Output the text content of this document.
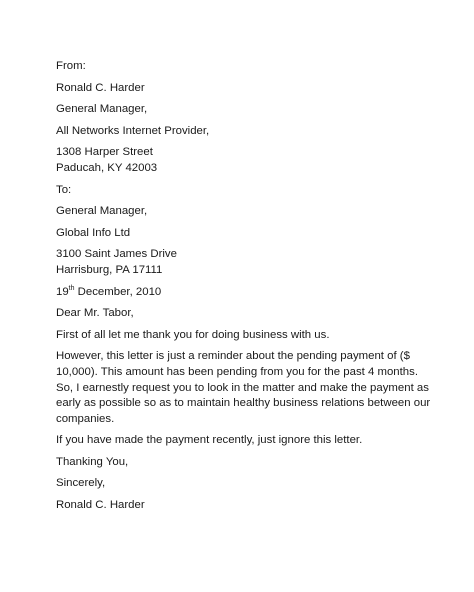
From:
Ronald C. Harder
General Manager,
All Networks Internet Provider,
1308 Harper Street
Paducah, KY 42003
To:
General Manager,
Global Info Ltd
3100 Saint James Drive
Harrisburg, PA 17111
19th December, 2010
Dear Mr. Tabor,
First of all let me thank you for doing business with us.
However, this letter is just a reminder about the pending payment of ($
10,000). This amount has been pending from you for the past 4 months.
So, I earnestly request you to look in the matter and make the payment as
early as possible so as to maintain healthy business relations between our
companies.
If you have made the payment recently, just ignore this letter.
Thanking You,
Sincerely,
Ronald C. Harder
